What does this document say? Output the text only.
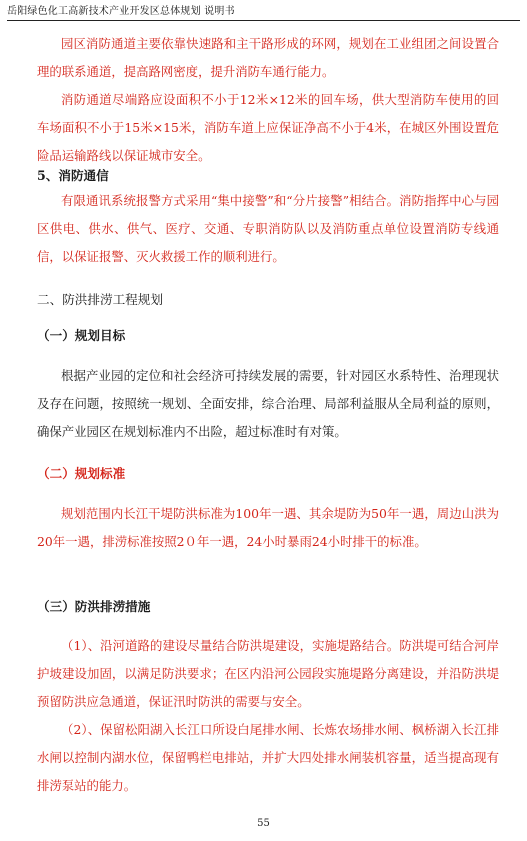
岳阳绿色化工高新技术产业开发区总体规划 说明书

园区消防通道主要依靠快速路和主干路形成的环网，规划在工业组团之间设置合理的联系通道，提高路网密度，提升消防车通行能力。

消防通道尽端路应设面积不小于12米×12米的回车场，供大型消防车使用的回车场面积不小于15米×15米，消防车道上应保证净高不小于4米，在城区外围设置危险品运输路线以保证城市安全。

5、消防通信

有限通讯系统报警方式采用“集中接警”和“分片接警”相结合。消防指挥中心与园区供电、供水、供气、医疗、交通、专职消防队以及消防重点单位设置消防专线通信，以保证报警、灭火救援工作的顺利进行。

二、防洪排涝工程规划
（一）规划目标

根据产业园的定位和社会经济可持续发展的需要，针对园区水系特性、治理现状及存在问题，按照统一规划、全面安排，综合治理、局部利益服从全局利益的原则，确保产业园区在规划标准内不出险，超过标准时有对策。

（二）规划标准

规划范围内长江干堤防洪标准为100年一遇、其余堤防为50年一遇，周边山洪为20年一遇，排涝标准按照2０年一遇，24小时暴雨24小时排干的标准。

（三）防洪排涝措施

（1）、沿河道路的建设尽量结合防洪堤建设，实施堤路结合。防洪堤可结合河岸护坡建设加固，以满足防洪要求；在区内沿河公园段实施堤路分离建设，并沿防洪堤预留防洪应急通道，保证汛时防洪的需要与安全。

（2）、保留松阳湖入长江口所设白尾排水闸、长炼农场排水闸、枫桥湖入长江排水闸以控制内湖水位，保留鸭栏电排站，并扩大四处排水闸装机容量，适当提高现有排涝泵站的能力。

55
